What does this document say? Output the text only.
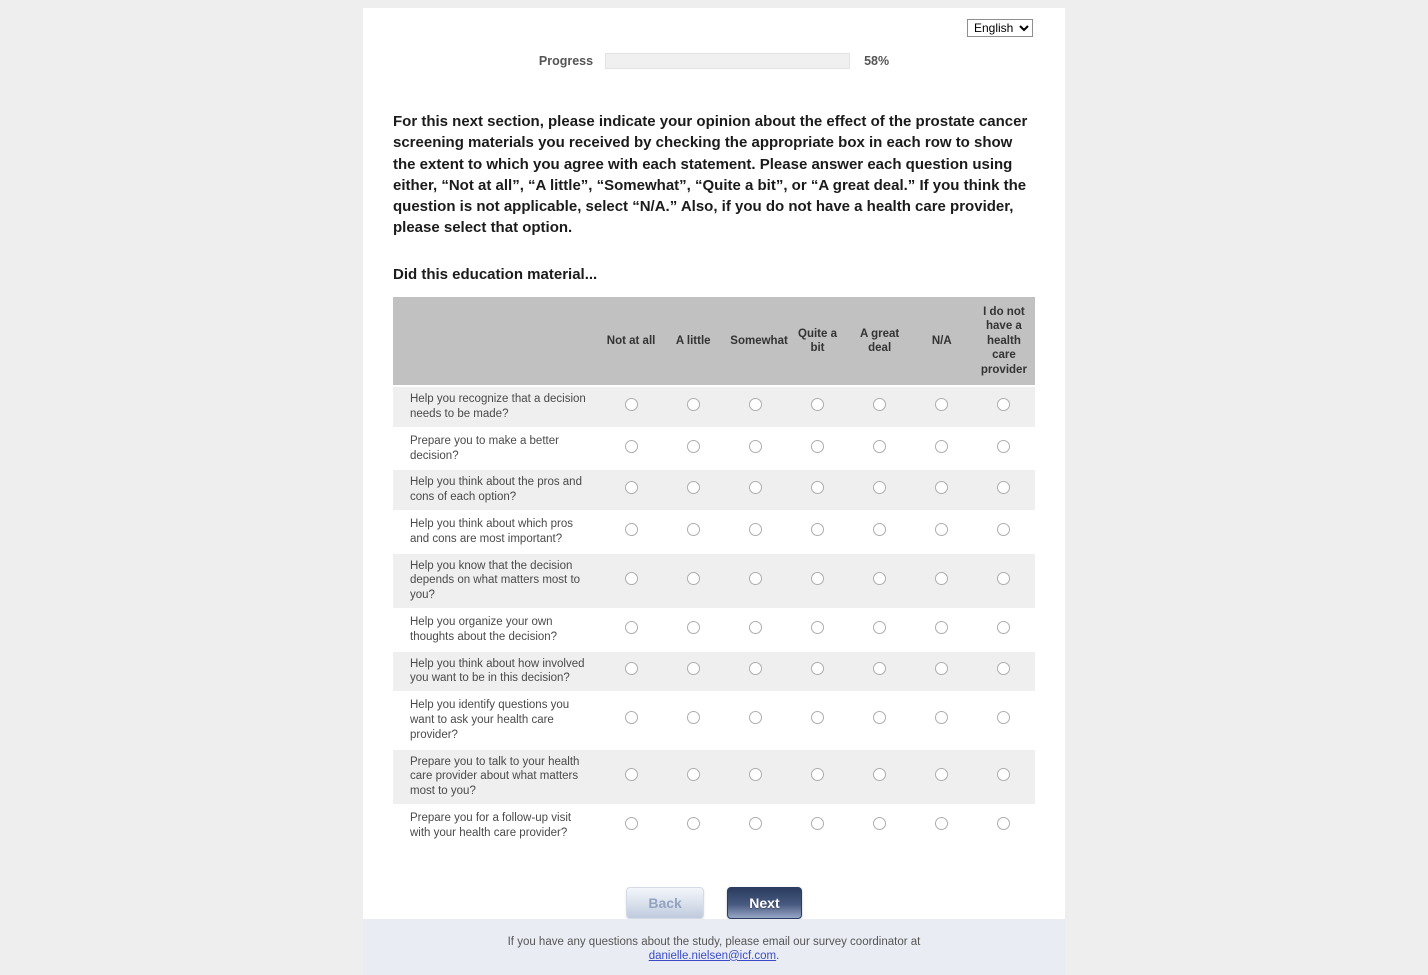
English
Progress	58%
For this next section, please indicate your opinion about the effect of the prostate cancer screening materials you received by checking the appropriate box in each row to show the extent to which you agree with each statement. Please answer each question using either, “Not at all”, “A little”, “Somewhat”, “Quite a bit”, or “A great deal.” If you think the question is not applicable, select “N/A.” Also, if you do not have a health care provider, please select that option.
Did this education material...
	Not at all	A little	Somewhat	Quite a bit	A great deal	N/A	I do not have a health care provider
Help you recognize that a decision needs to be made?							
Prepare you to make a better decision?							
Help you think about the pros and cons of each option?							
Help you think about which pros and cons are most important?							
Help you know that the decision depends on what matters most to you?							
Help you organize your own thoughts about the decision?							
Help you think about how involved you want to be in this decision?							
Help you identify questions you want to ask your health care provider?							
Prepare you to talk to your health care provider about what matters most to you?							
Prepare you for a follow-up visit with your health care provider?							
Back	Next
If you have any questions about the study, please email our survey coordinator at
danielle.nielsen@icf.com.
